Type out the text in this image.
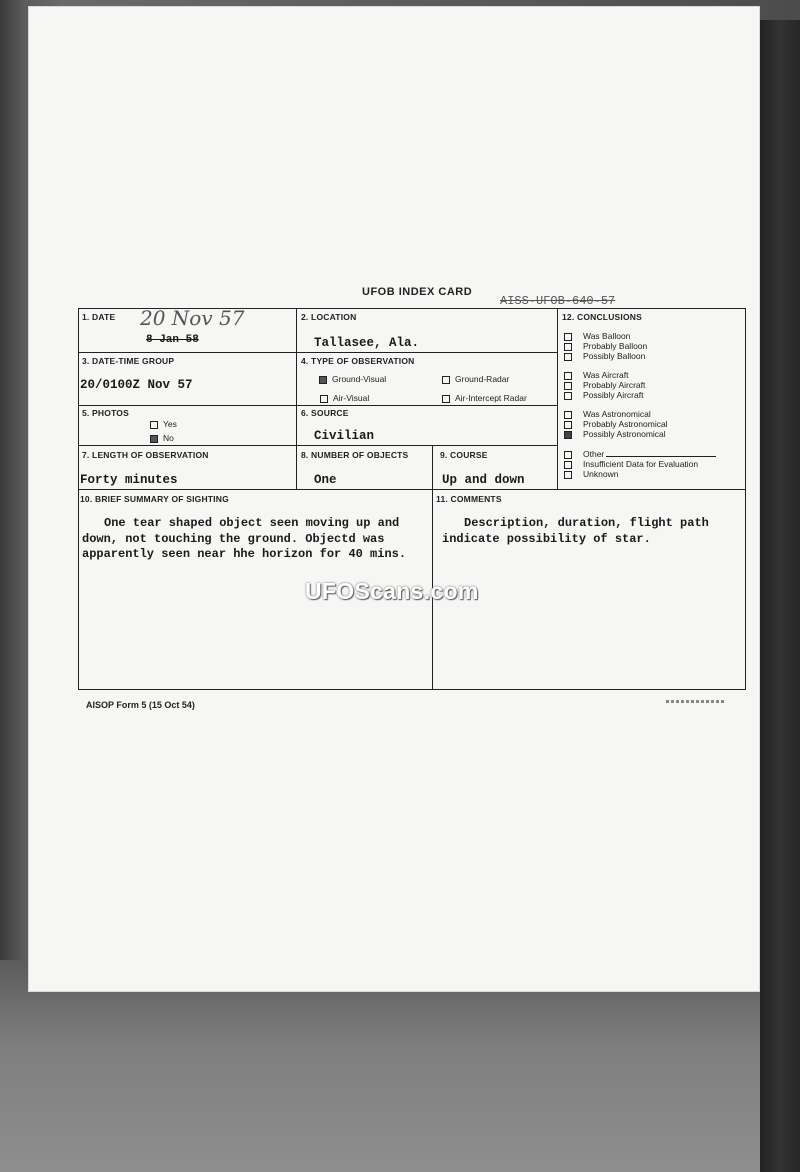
UFOB INDEX CARD
AISS-UFOB-640-57
1. DATE 20 Nov 57
8 Jan 58
2. LOCATION
Tallasee, Ala.
3. DATE-TIME GROUP
20/0100Z Nov 57
4. TYPE OF OBSERVATION
Ground-Visual	Ground-Radar
Air-Visual	Air-Intercept Radar
5. PHOTOS
Yes
No
6. SOURCE
Civilian
7. LENGTH OF OBSERVATION
Forty minutes
8. NUMBER OF OBJECTS
One
9. COURSE
Up and down
10. BRIEF SUMMARY OF SIGHTING
One tear shaped object seen moving up and
down, not touching the ground. Objectd was
apparently seen near hhe horizon for 40 mins.
11. COMMENTS
Description, duration, flight path
indicate possibility of star.
12. CONCLUSIONS
Was Balloon
Probably Balloon
Possibly Balloon
Was Aircraft
Probably Aircraft
Possibly Aircraft
Was Astronomical
Probably Astronomical
Possibly Astronomical
Other
Insufficient Data for Evaluation
Unknown
UFOScans.com
AISOP Form 5 (15 Oct 54)
